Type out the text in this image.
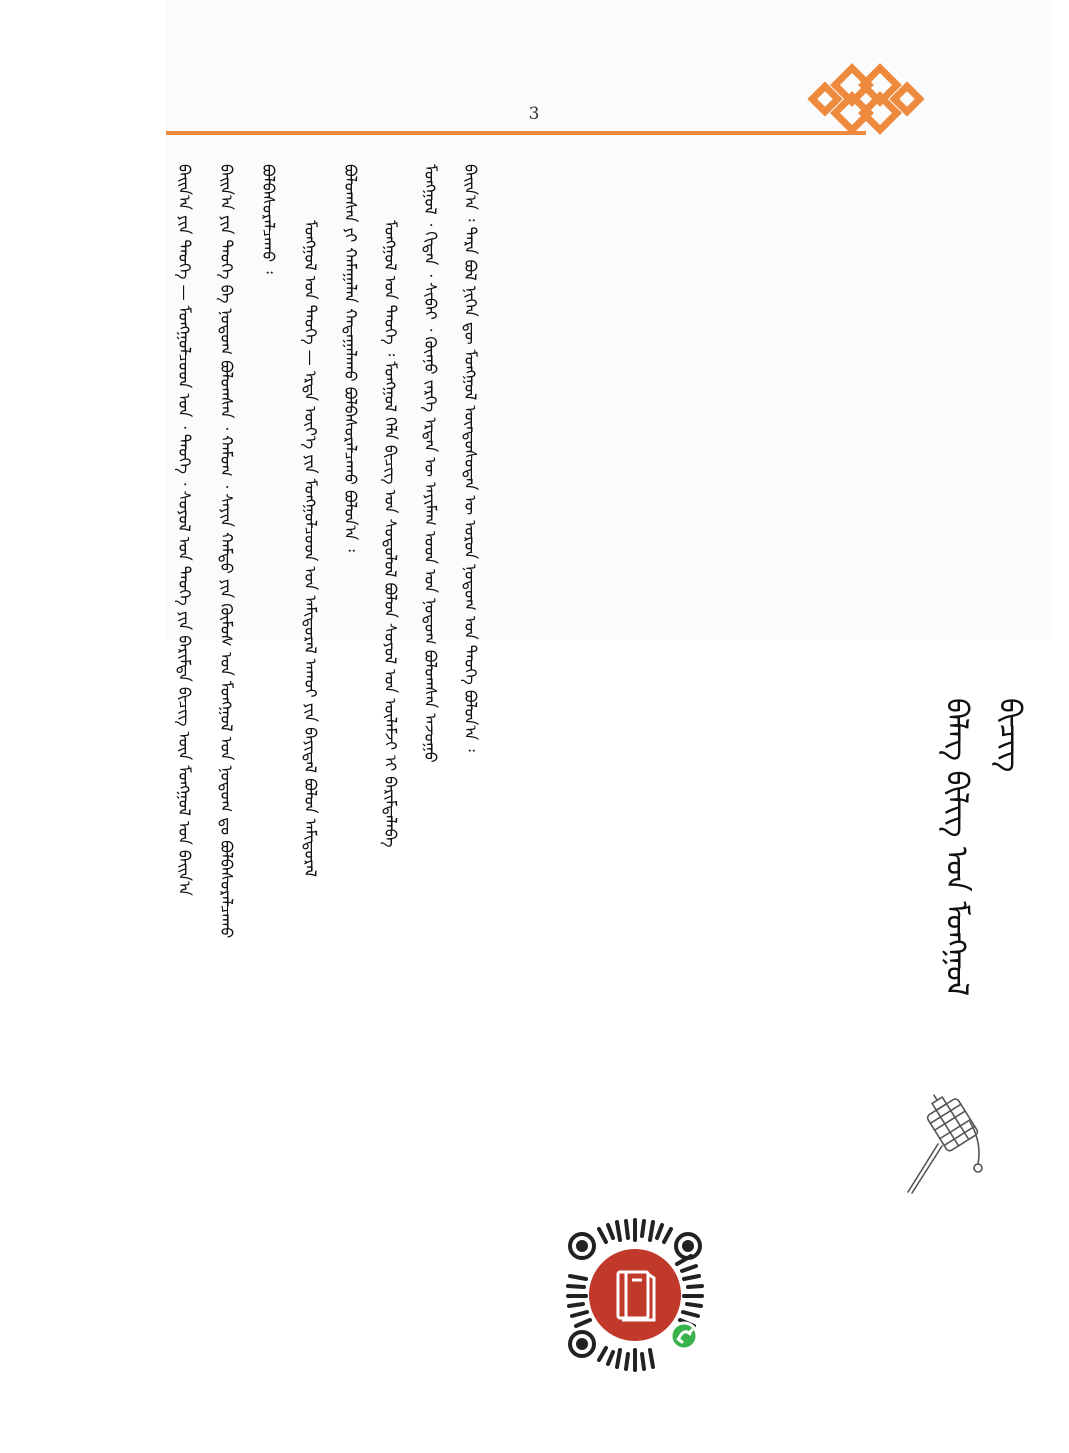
3
ᠪᠠᠢᠨ᠎ᠠ ᠄ ᠲᠡᠷᠡ ᠪᠣᠯ ᠨᠢᠭᠡᠨ ᠳᠥ ᠮᠣᠩᠭᠣᠯ ᠦᠨᠳᠦᠰᠦᠲᠡᠨ ᠦ ᠣᠷᠣᠨ ᠨᠤᠲᠤᠭ ᠤᠨ ᠲᠡᠦᠬᠡ ᠪᠣᠯᠤᠨ᠎ᠠ ᠄
ᠮᠣᠩᠭᠣᠯ ᠂ ᠬᠢᠲᠠᠨ ᠂ ᠰᠢᠪᠡᠢ ᠂ ᠬᠦᠨᠨᠦ ᠵᠡᠷᠭᠡ ᠡᠷᠲᠡᠨ ᠦ ᠠᠶᠢᠮᠠᠭ ᠤᠳ ᠤᠨ ᠨᠤᠲᠤᠭ ᠪᠣᠯᠤᠭᠰᠠᠨ ᠠᠵᠤᠭᠤ
ᠮᠣᠩᠭᠣᠯ ᠤᠨ ᠲᠡᠦᠬᠡ ᠄ ᠮᠣᠩᠭᠣᠯ ᠬᠡᠯᠡ ᠪᠢᠴᠢᠭ ᠤᠨ ᠰᠤᠳᠤᠯᠤᠯ ᠪᠣᠯᠤᠨ ᠰᠣᠶᠣᠯ ᠤᠨ ᠦᠯᠡᠮᠵᠢ ᠢ ᠪᠠᠷᠢᠮᠲᠠᠯᠠᠪᠠ
ᠪᠣᠯᠤᠭᠰᠠᠨ ᠶᠢ ᠬᠠᠮᠠᠭᠠᠯᠠᠨ ᠬᠠᠳᠠᠭᠠᠯᠠᠬᠤ ᠪᠣᠯᠪᠠᠰᠤᠷᠠᠯᠴᠠᠬᠤ ᠪᠣᠯᠤᠨ᠎ᠠ ᠄
ᠮᠣᠩᠭᠣᠯ ᠤᠨ ᠲᠡᠦᠬᠡ — ᠡᠷᠲᠡ ᠦᠶ᠎ᠡ ᠶᠢᠨ ᠮᠣᠩᠭᠣᠯᠴᠤᠳ ᠤᠨ ᠠᠮᠢᠳᠤᠷᠠᠯ ᠠᠬᠤᠢ ᠶᠢᠨ ᠪᠠᠶᠢᠳᠠᠯ ᠪᠣᠯᠤᠨ ᠠᠮᠢᠳᠤᠷᠠᠯ
ᠪᠣᠯᠪᠠᠰᠤᠷᠠᠯᠴᠠᠬᠤ ᠄
ᠪᠠᠢᠨ᠎ᠠ ᠶᠢᠨ ᠲᠡᠦᠬᠡ ᠪᠠ ᠨᠤᠲᠤᠭ ᠪᠣᠯᠤᠭᠰᠠᠨ ᠂ ᠬᠠᠮᠤᠭ ᠂ ᠰᠠᠶᠢᠨ ᠬᠠᠮᠲᠤ ᠶᠢᠨ ᠬᠦᠮᠦᠰ ᠤᠨ ᠮᠣᠩᠭᠣᠯ ᠤᠨ ᠨᠤᠲᠤᠭ ᠳᠤ ᠪᠣᠯᠪᠠᠰᠤᠷᠠᠯᠴᠠᠬᠤ
ᠪᠠᠢᠨ᠎ᠠ ᠶᠢᠨ ᠲᠡᠦᠬᠡ — ᠮᠣᠩᠭᠣᠯᠴᠤᠳ ᠤᠨ ᠂ ᠲᠡᠦᠬᠡ ᠂ ᠰᠣᠶᠣᠯ ᠤᠨ ᠲᠡᠦᠬᠡ ᠶᠢᠨ ᠪᠠᠷᠢᠮᠲᠠ ᠪᠢᠴᠢᠭ ᠦᠨ ᠮᠣᠩᠭᠣᠯ ᠤᠨ ᠪᠠᠢᠨ᠎ᠠ	ᠪᠡᠯᠡᠭ ᠪᠢᠯᠢᠭ ᠤᠨ ᠮᠣᠩᠭᠣᠯ ᠪᠢᠴᠢᠭ
